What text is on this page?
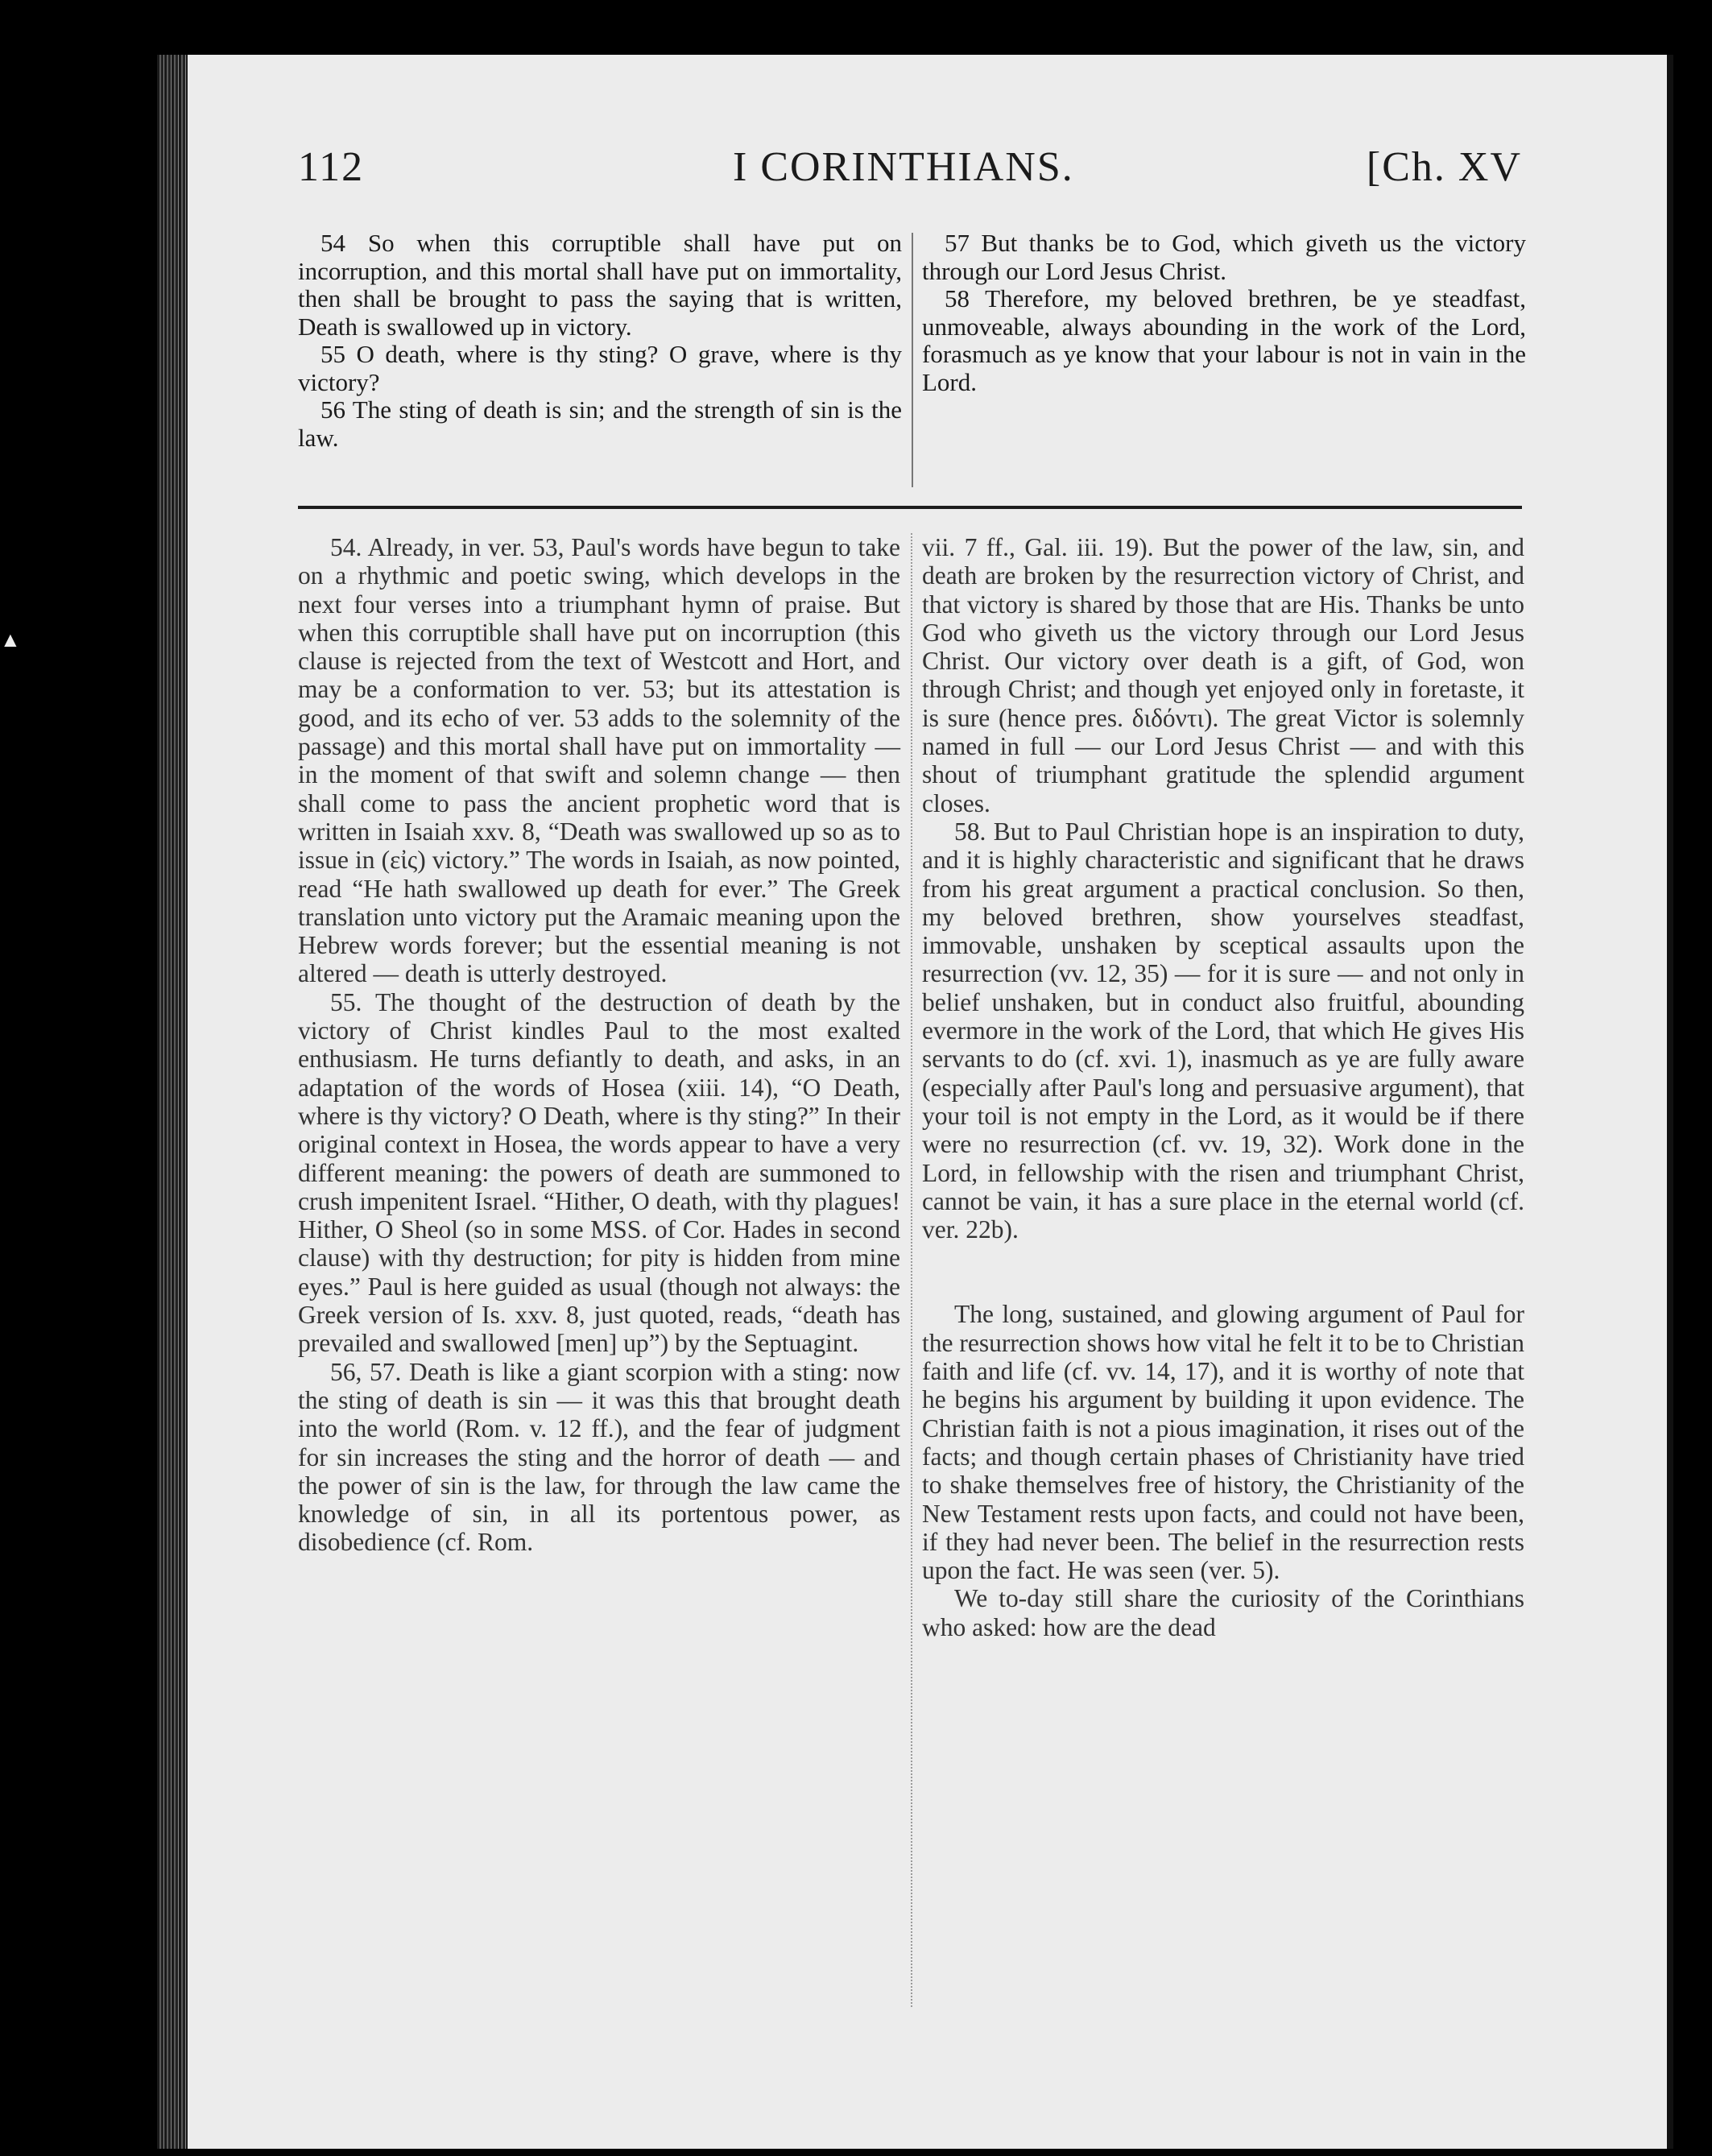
▲
112	I CORINTHIANS.	[Ch. XV

54 So when this corruptible shall have put on incorruption, and this mortal shall have put on immortality, then shall be brought to pass the saying that is written, Death is swallowed up in victory.

55 O death, where is thy sting? O grave, where is thy victory?

56 The sting of death is sin; and the strength of sin is the law.

57 But thanks be to God, which giveth us the victory through our Lord Jesus Christ.

58 Therefore, my beloved brethren, be ye steadfast, unmoveable, always abounding in the work of the Lord, forasmuch as ye know that your labour is not in vain in the Lord.

54. Already, in ver. 53, Paul's words have begun to take on a rhythmic and poetic swing, which develops in the next four verses into a triumphant hymn of praise. But when this corruptible shall have put on incorruption (this clause is rejected from the text of Westcott and Hort, and may be a conformation to ver. 53; but its attestation is good, and its echo of ver. 53 adds to the solemnity of the passage) and this mortal shall have put on immortality — in the moment of that swift and solemn change — then shall come to pass the ancient prophetic word that is written in Isaiah xxv. 8, “Death was swallowed up so as to issue in (εἰς) victory.” The words in Isaiah, as now pointed, read “He hath swallowed up death for ever.” The Greek translation unto victory put the Aramaic meaning upon the Hebrew words forever; but the essential meaning is not altered — death is utterly destroyed.

55. The thought of the destruction of death by the victory of Christ kindles Paul to the most exalted enthusiasm. He turns defiantly to death, and asks, in an adaptation of the words of Hosea (xiii. 14), “O Death, where is thy victory? O Death, where is thy sting?” In their original context in Hosea, the words appear to have a very different meaning: the powers of death are summoned to crush impenitent Israel. “Hither, O death, with thy plagues! Hither, O Sheol (so in some MSS. of Cor. Hades in second clause) with thy destruction; for pity is hidden from mine eyes.” Paul is here guided as usual (though not always: the Greek version of Is. xxv. 8, just quoted, reads, “death has prevailed and swallowed [men] up”) by the Septuagint.

56, 57. Death is like a giant scorpion with a sting: now the sting of death is sin — it was this that brought death into the world (Rom. v. 12 ff.), and the fear of judgment for sin increases the sting and the horror of death — and the power of sin is the law, for through the law came the knowledge of sin, in all its portentous power, as disobedience (cf. Rom.

vii. 7 ff., Gal. iii. 19). But the power of the law, sin, and death are broken by the resurrection victory of Christ, and that victory is shared by those that are His. Thanks be unto God who giveth us the victory through our Lord Jesus Christ. Our victory over death is a gift, of God, won through Christ; and though yet enjoyed only in foretaste, it is sure (hence pres. διδόντι). The great Victor is solemnly named in full — our Lord Jesus Christ — and with this shout of triumphant gratitude the splendid argument closes.

58. But to Paul Christian hope is an inspiration to duty, and it is highly characteristic and significant that he draws from his great argument a practical conclusion. So then, my beloved brethren, show yourselves steadfast, immovable, unshaken by sceptical assaults upon the resurrection (vv. 12, 35) — for it is sure — and not only in belief unshaken, but in conduct also fruitful, abounding evermore in the work of the Lord, that which He gives His servants to do (cf. xvi. 1), inasmuch as ye are fully aware (especially after Paul's long and persuasive argument), that your toil is not empty in the Lord, as it would be if there were no resurrection (cf. vv. 19, 32). Work done in the Lord, in fellowship with the risen and triumphant Christ, cannot be vain, it has a sure place in the eternal world (cf. ver. 22b).

The long, sustained, and glowing argument of Paul for the resurrection shows how vital he felt it to be to Christian faith and life (cf. vv. 14, 17), and it is worthy of note that he begins his argument by building it upon evidence. The Christian faith is not a pious imagination, it rises out of the facts; and though certain phases of Christianity have tried to shake themselves free of history, the Christianity of the New Testament rests upon facts, and could not have been, if they had never been. The belief in the resurrection rests upon the fact. He was seen (ver. 5).

We to-day still share the curiosity of the Corinthians who asked: how are the dead
